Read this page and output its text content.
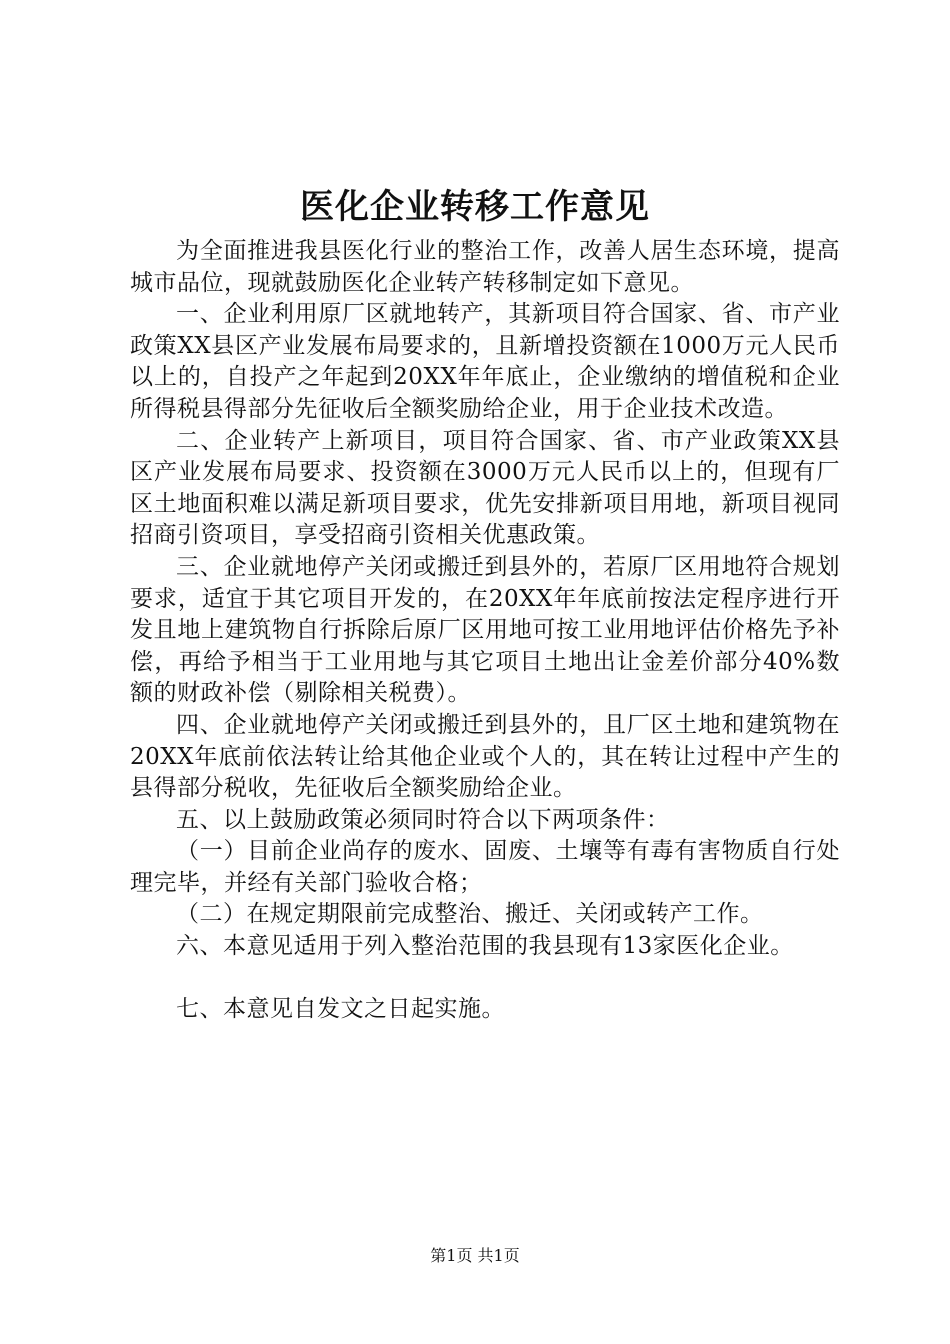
医化企业转移工作意见

为全面推进我县医化行业的整治工作，改善人居生态环境，提高城市品位，现就鼓励医化企业转产转移制定如下意见。

一、企业利用原厂区就地转产，其新项目符合国家、省、市产业政策XX县区产业发展布局要求的，且新增投资额在1000万元人民币以上的，自投产之年起到20XX年年底止，企业缴纳的增值税和企业所得税县得部分先征收后全额奖励给企业，用于企业技术改造。

二、企业转产上新项目，项目符合国家、省、市产业政策XX县区产业发展布局要求、投资额在3000万元人民币以上的，但现有厂区土地面积难以满足新项目要求，优先安排新项目用地，新项目视同招商引资项目，享受招商引资相关优惠政策。

三、企业就地停产关闭或搬迁到县外的，若原厂区用地符合规划要求，适宜于其它项目开发的，在20XX年年底前按法定程序进行开发且地上建筑物自行拆除后原厂区用地可按工业用地评估价格先予补偿，再给予相当于工业用地与其它项目土地出让金差价部分40%数额的财政补偿（剔除相关税费）。

四、企业就地停产关闭或搬迁到县外的，且厂区土地和建筑物在20XX年底前依法转让给其他企业或个人的，其在转让过程中产生的县得部分税收，先征收后全额奖励给企业。

五、以上鼓励政策必须同时符合以下两项条件：

（一）目前企业尚存的废水、固废、土壤等有毒有害物质自行处理完毕，并经有关部门验收合格；

（二）在规定期限前完成整治、搬迁、关闭或转产工作。

六、本意见适用于列入整治范围的我县现有13家医化企业。

七、本意见自发文之日起实施。

第1页 共1页
